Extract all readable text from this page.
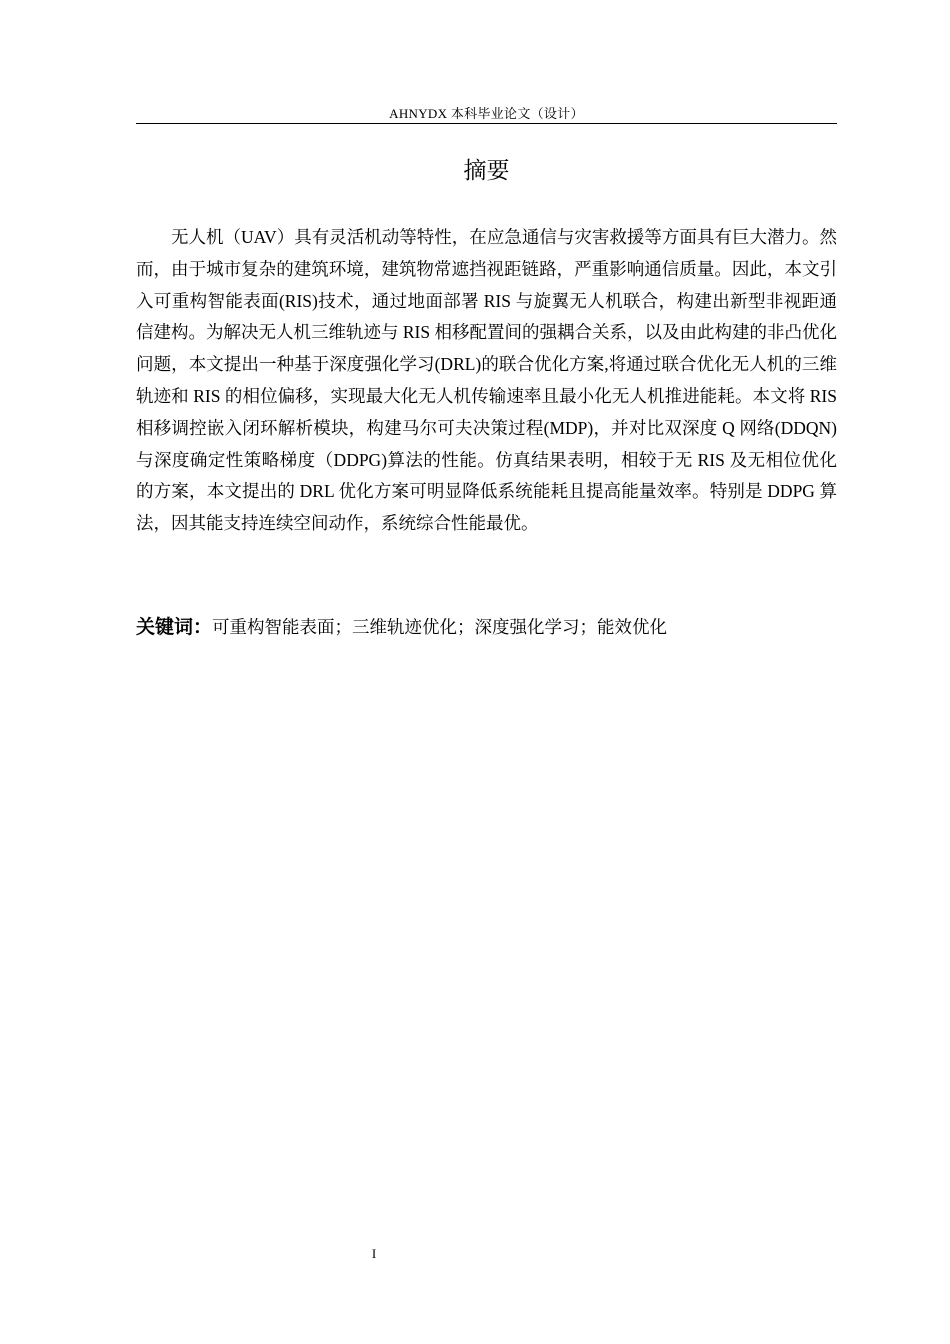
AHNYDX 本科毕业论文（设计）
摘要

无人机（UAV）具有灵活机动等特性，在应急通信与灾害救援等方面具有巨大潜力。然而，由于城市复杂的建筑环境，建筑物常遮挡视距链路，严重影响通信质量。因此，本文引入可重构智能表面(RIS)技术，通过地面部署 RIS 与旋翼无人机联合，构建出新型非视距通信建构。为解决无人机三维轨迹与 RIS 相移配置间的强耦合关系，以及由此构建的非凸优化问题，本文提出一种基于深度强化学习(DRL)的联合优化方案,将通过联合优化无人机的三维轨迹和 RIS 的相位偏移，实现最大化无人机传输速率且最小化无人机推进能耗。本文将 RIS 相移调控嵌入闭环解析模块，构建马尔可夫决策过程(MDP)，并对比双深度 Q 网络(DDQN)与深度确定性策略梯度（DDPG)算法的性能。仿真结果表明，相较于无 RIS 及无相位优化的方案，本文提出的 DRL 优化方案可明显降低系统能耗且提高能量效率。特别是 DDPG 算法，因其能支持连续空间动作，系统综合性能最优。

关键词：可重构智能表面；三维轨迹优化；深度强化学习；能效优化

I
